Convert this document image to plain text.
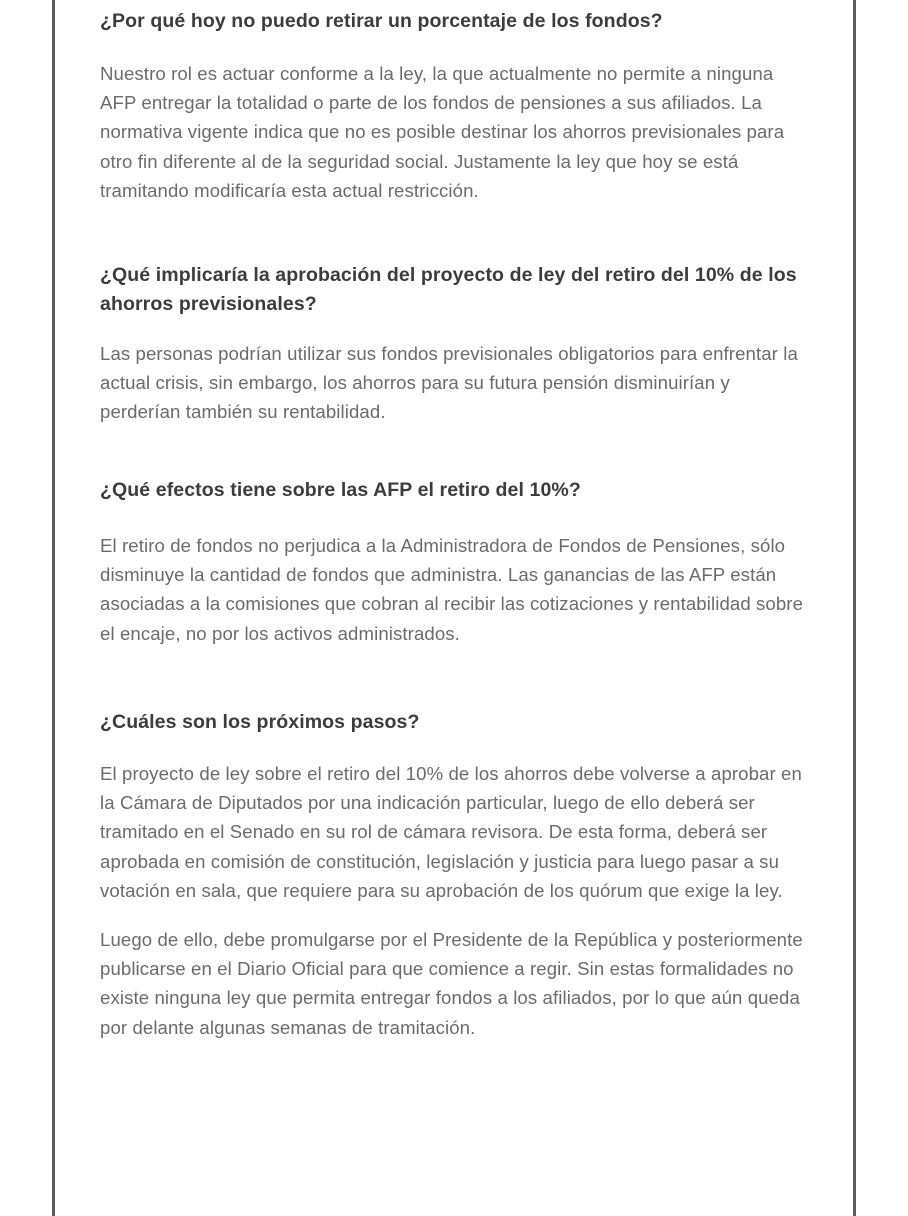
¿Por qué hoy no puedo retirar un porcentaje de los fondos?

Nuestro rol es actuar conforme a la ley, la que actualmente no permite a ninguna AFP entregar la totalidad o parte de los fondos de pensiones a sus afiliados. La normativa vigente indica que no es posible destinar los ahorros previsionales para otro fin diferente al de la seguridad social. Justamente la ley que hoy se está tramitando modificaría esta actual restricción.

¿Qué implicaría la aprobación del proyecto de ley del retiro del 10% de los ahorros previsionales?

Las personas podrían utilizar sus fondos previsionales obligatorios para enfrentar la actual crisis, sin embargo, los ahorros para su futura pensión disminuirían y perderían también su rentabilidad.

¿Qué efectos tiene sobre las AFP el retiro del 10%?

El retiro de fondos no perjudica a la Administradora de Fondos de Pensiones, sólo disminuye la cantidad de fondos que administra. Las ganancias de las AFP están asociadas a la comisiones que cobran al recibir las cotizaciones y rentabilidad sobre el encaje, no por los activos administrados.

¿Cuáles son los próximos pasos?

El proyecto de ley sobre el retiro del 10% de los ahorros debe volverse a aprobar en la Cámara de Diputados por una indicación particular, luego de ello deberá ser tramitado en el Senado en su rol de cámara revisora. De esta forma, deberá ser aprobada en comisión de constitución, legislación y justicia para luego pasar a su votación en sala, que requiere para su aprobación de los quórum que exige la ley.

Luego de ello, debe promulgarse por el Presidente de la República y posteriormente publicarse en el Diario Oficial para que comience a regir. Sin estas formalidades no existe ninguna ley que permita entregar fondos a los afiliados, por lo que aún queda por delante algunas semanas de tramitación.
